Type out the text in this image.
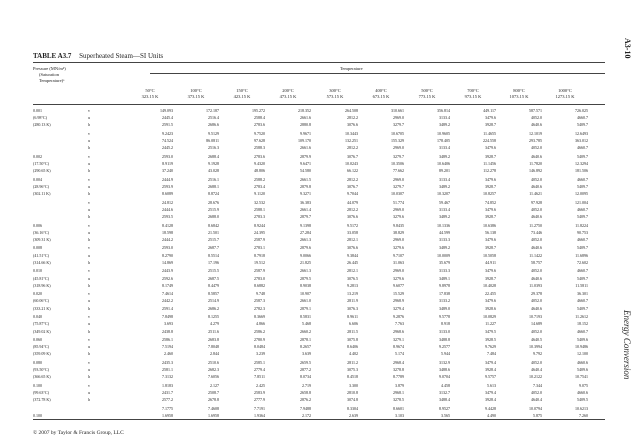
A3-10
Energy Conversion
TABLE A3.7 Superheated Steam—SI Units
Pressure (MN/m²)
(Saturation
Temperature)ᵃ
Temperature
50°C
323.15 K
100°C
373.15 K
150°C
423.15 K
200°C
473.15 K
300°C
573.15 K
400°C
673.15 K
500°C
773.15 K
700°C
973.15 K
800°C
1073.15 K
1000°C
1273.15 K
0.001
(6.98°C)
(280.13 K)
v	149.093	172.187	195.272	218.352	264.508	310.661	356.814	449.117	587.571	726.025
u	2445.4	2516.4	2588.4	2661.6	2812.2	2969.0	3133.4	3479.6	4052.0	4660.7
h	2591.5	2686.6	2783.6	2880.8	3076.6	3279.7	3489.2	3928.7	4640.6	5409.7
v	9.2423	9.5129	9.7520	9.9671	10.3443	10.6705	10.9605	11.4655	12.1019	12.6493
u	74.524	86.0811	97.628	109.170	132.251	155.329	178.405	224.558	293.785	363.012
h	2445.2	2516.3	2588.3	2661.6	2812.2	2969.0	3133.4	3479.6	4052.0	4660.7
0.002
(17.50°C)
(290.65 K)
v	2593.0	2688.4	2783.6	2879.9	3076.7	3279.7	3489.2	3928.7	4640.6	5409.7
u	8.9119	9.1928	9.4320	9.6471	10.0243	10.3506	10.6406	11.1456	11.7820	12.3294
h	37.240	43.028	48.806	54.580	66.122	77.662	89.201	112.278	146.892	181.506
0.004
(28.96°C)
(302.11 K)
v	2444.9	2516.1	2588.2	2661.5	2812.2	2969.0	3133.4	3479.6	4052.0	4660.7
u	2593.9	2688.1	2783.4	2879.8	3076.7	3279.7	3489.2	3928.7	4640.6	5409.7
h	8.6089	8.8724	9.1120	9.3271	9.7044	10.0307	10.3207	10.8257	11.4621	12.0095
v	24.812	28.676	32.532	36.383	44.079	51.774	59.467	74.852	97.928	121.004
u	2444.6	2515.9	2588.1	2661.4	2812.2	2969.0	3133.4	3479.6	4052.0	4660.7
h	2593.5	2688.0	2783.3	2879.7	3076.6	3279.6	3489.2	3928.7	4640.6	5409.7
0.006
(36.16°C)
(309.31 K)
v	8.4128	8.6842	8.9244	9.1398	9.5172	9.8435	10.1336	10.6386	11.2750	11.8224
u	18.598	21.501	24.395	27.284	33.058	38.829	44.599	56.138	73.446	90.753
h	2444.2	2515.7	2587.9	2661.3	2812.1	2969.0	3133.3	3479.6	4052.0	4660.7
0.008
(41.51°C)
(314.66 K)
v	2593.0	2687.7	2783.1	2879.6	3076.6	3279.6	3489.2	3928.7	4640.6	5409.7
u	8.2790	8.5514	8.7918	9.0066	9.3844	9.7107	10.0009	10.5058	11.1422	11.6896
h	14.869	17.196	19.512	21.825	26.445	31.063	35.679	44.911	58.757	72.602
0.010
(45.81°C)
(318.96 K)
v	2443.9	2515.5	2587.9	2661.3	2812.1	2969.0	3133.3	3479.6	4052.0	4660.7
u	2592.6	2687.5	2783.0	2879.5	3076.5	3279.6	3489.1	3928.7	4640.6	5409.7
h	8.1749	8.4479	8.6882	8.9038	9.2813	9.6077	9.8978	10.4028	11.0393	11.5811
0.020
(60.06°C)
(333.21 K)
v	7.4614	8.5857	9.748	10.907	13.219	15.529	17.838	22.455	29.378	36.301
u	2442.2	2514.9	2587.3	2661.0	2811.9	2968.9	3133.2	3479.6	4052.0	4660.7
h	2591.4	2686.2	2782.3	2879.1	3076.3	3279.4	3489.0	3928.6	4640.6	5409.7
0.040
(75.87°C)
(349.02 K)
v	7.8498	8.1255	8.3669	8.5831	8.9611	9.2876	9.5778	10.0829	10.7193	11.2612
u	3.693	4.279	4.866	5.468	6.606	7.763	8.918	11.227	14.689	18.152
h	2438.8	2511.6	2586.2	2660.2	2811.5	2968.6	3133.0	3479.5	4052.0	4660.7
0.060
(85.94°C)
(359.09 K)
v	2586.1	2683.8	2780.9	2878.1	3075.8	3279.1	3488.8	3928.5	4640.5	5409.6
u	7.5194	7.8048	8.0484	8.2657	8.6406	8.9674	9.2577	9.7629	10.3994	10.9486
h	2.460	2.844	3.239	3.639	4.402	5.174	5.944	7.484	9.792	12.100
0.080
(93.50°C)
(366.65 K)
v	2435.3	2510.6	2585.1	2659.5	2811.2	2968.4	3132.9	3479.4	4052.0	4660.6
u	2581.1	2682.3	2779.4	2877.2	3075.3	3278.8	3488.6	3928.4	4640.4	5409.6
h	7.3132	7.6056	7.8511	8.0734	8.4518	8.7789	9.0704	9.5757	10.2122	10.7541
0.100
(99.63°C)
(372.78 K)
v	1.8183	2.127	2.425	2.719	3.300	3.879	4.458	5.613	7.344	9.075
u	2431.7	2508.7	2583.9	2658.8	2810.8	2968.1	3132.7	3479.4	4052.0	4660.6
h	2577.2	2678.8	2777.9	2876.2	3074.8	3278.5	3488.4	3928.4	4640.4	5409.5
7.1775	7.4608	7.7191	7.9488	8.3304	8.6601	8.9527	9.4428	10.0794	10.6213
1.6958	1.6958	1.9364	2.172	2.639	3.103	3.565	4.490	5.875	7.260
0.100
© 2007 by Taylor & Francis Group, LLC
